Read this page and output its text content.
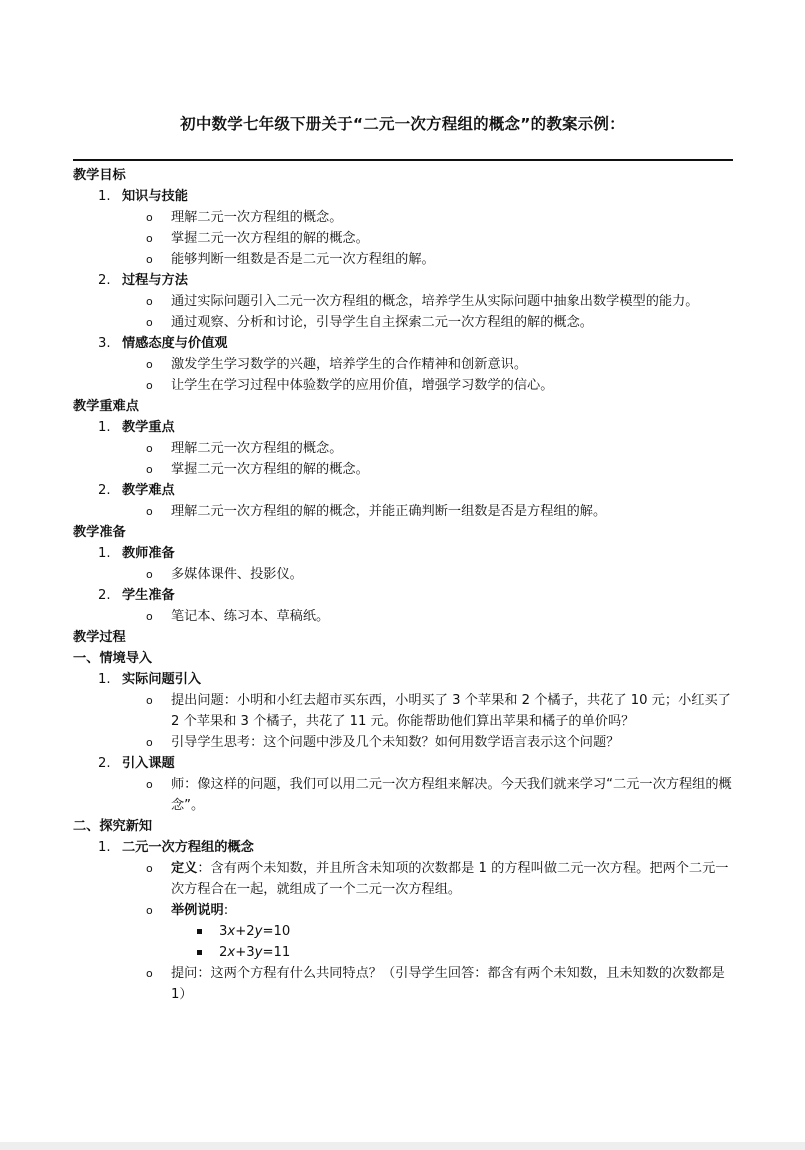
初中数学七年级下册关于“二元一次方程组的概念”的教案示例：
教学目标
1. 知识与技能
o 理解二元一次方程组的概念。
o 掌握二元一次方程组的解的概念。
o 能够判断一组数是否是二元一次方程组的解。
2. 过程与方法
o 通过实际问题引入二元一次方程组的概念，培养学生从实际问题中抽象出数学模型的能力。
o 通过观察、分析和讨论，引导学生自主探索二元一次方程组的解的概念。
3. 情感态度与价值观
o 激发学生学习数学的兴趣，培养学生的合作精神和创新意识。
o 让学生在学习过程中体验数学的应用价值，增强学习数学的信心。
教学重难点
1. 教学重点
o 理解二元一次方程组的概念。
o 掌握二元一次方程组的解的概念。
2. 教学难点
o 理解二元一次方程组的解的概念，并能正确判断一组数是否是方程组的解。
教学准备
1. 教师准备
o 多媒体课件、投影仪。
2. 学生准备
o 笔记本、练习本、草稿纸。
教学过程
一、情境导入
1. 实际问题引入
o 提出问题：小明和小红去超市买东西，小明买了 3 个苹果和 2 个橘子，共花了 10 元；小红买了 2 个苹果和 3 个橘子，共花了 11 元。你能帮助他们算出苹果和橘子的单价吗？
o 引导学生思考：这个问题中涉及几个未知数？如何用数学语言表示这个问题？
2. 引入课题
o 师：像这样的问题，我们可以用二元一次方程组来解决。今天我们就来学习“二元一次方程组的概念”。
二、探究新知
1. 二元一次方程组的概念
o 定义：含有两个未知数，并且所含未知项的次数都是 1 的方程叫做二元一次方程。把两个二元一次方程合在一起，就组成了一个二元一次方程组。
o 举例说明:
3x+2y=10
2x+3y=11
o 提问：这两个方程有什么共同特点？（引导学生回答：都含有两个未知数，且未知数的次数都是 1）
